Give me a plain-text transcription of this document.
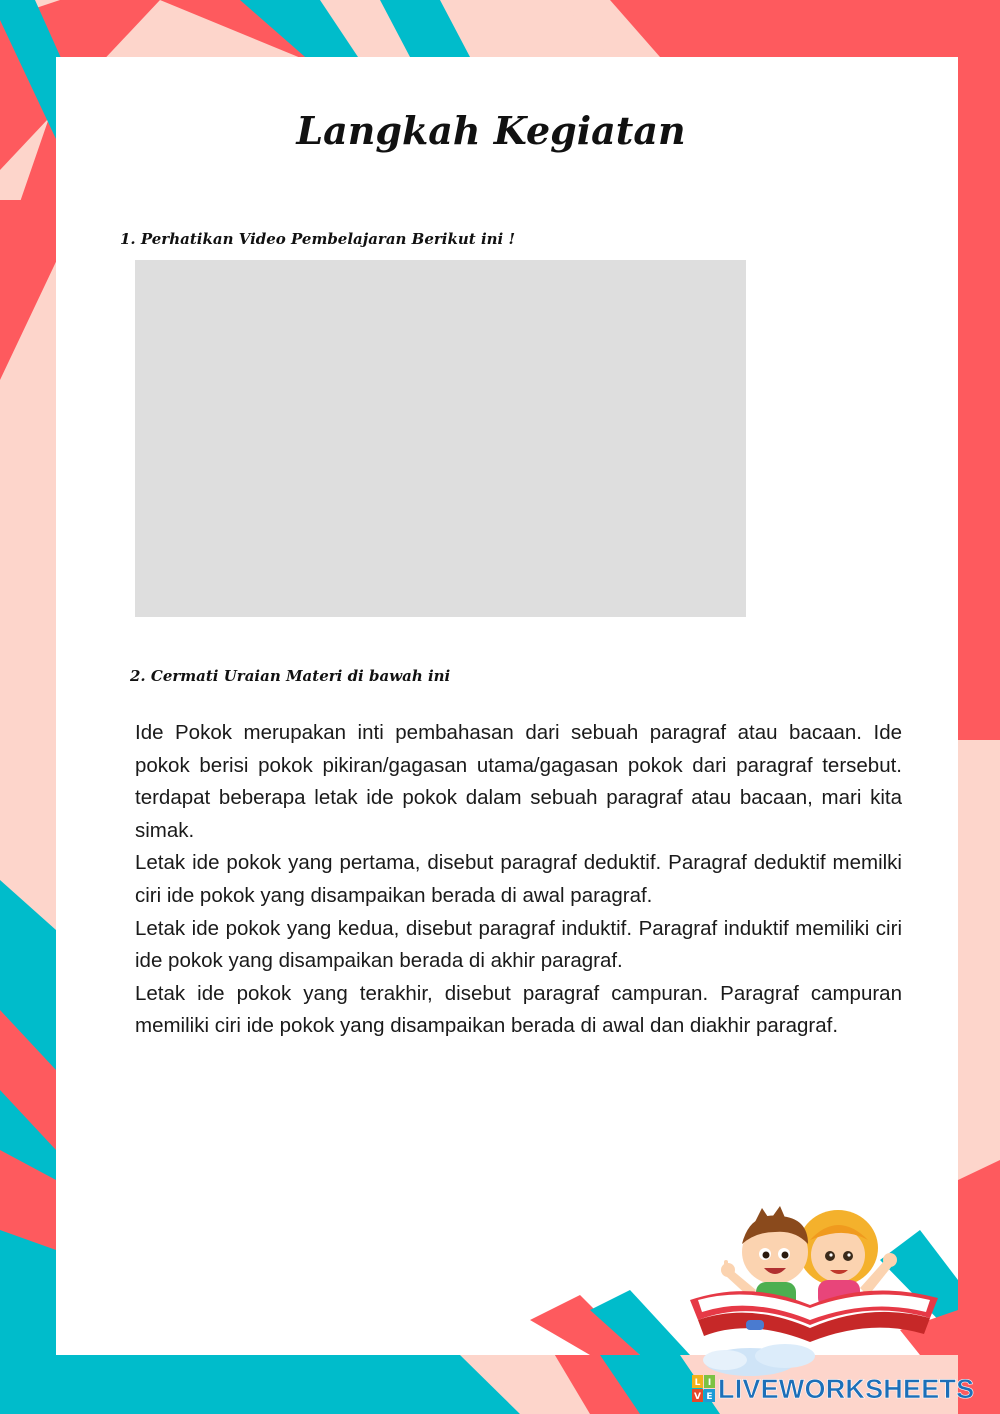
Langkah Kegiatan
1. Perhatikan Video Pembelajaran Berikut ini !
2. Cermati Uraian Materi di bawah ini

Ide Pokok merupakan inti pembahasan dari sebuah paragraf atau bacaan. Ide pokok berisi pokok pikiran/gagasan utama/gagasan pokok dari paragraf tersebut. terdapat beberapa letak ide pokok dalam sebuah paragraf atau bacaan, mari kita simak.

Letak ide pokok yang pertama, disebut paragraf deduktif. Paragraf deduktif memilki ciri ide pokok yang disampaikan berada di awal paragraf.

Letak ide pokok yang kedua, disebut paragraf induktif. Paragraf induktif memiliki ciri ide pokok yang disampaikan berada di akhir paragraf.

Letak ide pokok yang terakhir, disebut paragraf campuran. Paragraf campuran memiliki ciri ide pokok yang disampaikan berada di awal dan diakhir paragraf.

L I
V E LIVEWORKSHEETS
